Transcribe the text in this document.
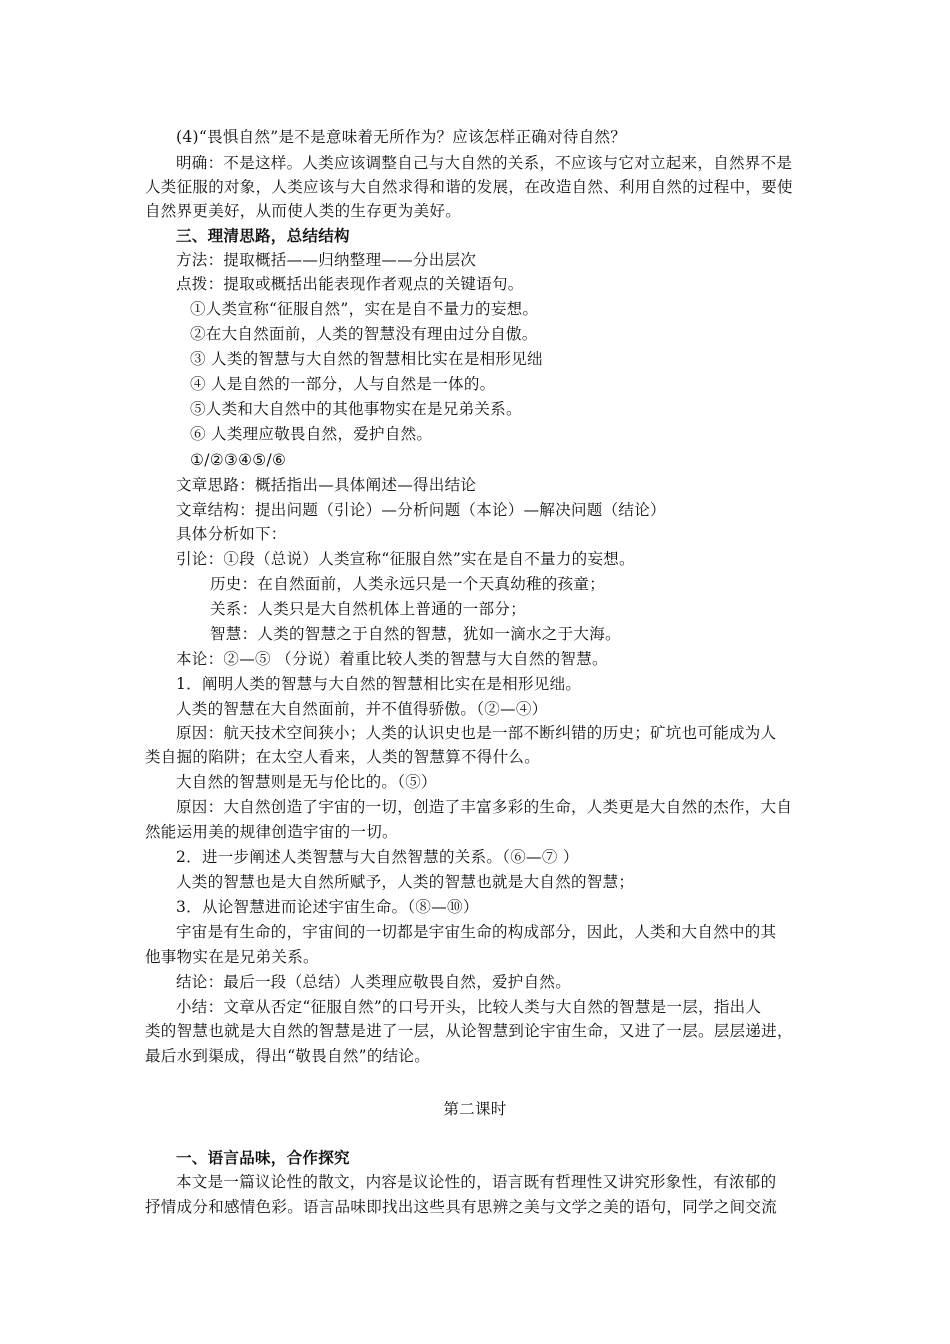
(4)“畏惧自然”是不是意味着无所作为？应该怎样正确对待自然？
明确：不是这样。人类应该调整自己与大自然的关系，不应该与它对立起来，自然界不是
人类征服的对象，人类应该与大自然求得和谐的发展，在改造自然、利用自然的过程中，要使
自然界更美好，从而使人类的生存更为美好。
三、理清思路，总结结构
方法：提取概括——归纳整理——分出层次
点拨：提取或概括出能表现作者观点的关键语句。
①人类宣称“征服自然”，实在是自不量力的妄想。
②在大自然面前，人类的智慧没有理由过分自傲。
③ 人类的智慧与大自然的智慧相比实在是相形见绌
④ 人是自然的一部分，人与自然是一体的。
⑤人类和大自然中的其他事物实在是兄弟关系。
⑥ 人类理应敬畏自然，爱护自然。
①/②③④⑤/⑥
文章思路：概括指出—具体阐述—得出结论
文章结构：提出问题（引论）—分析问题（本论）—解决问题（结论）
具体分析如下：
引论：①段（总说）人类宣称“征服自然”实在是自不量力的妄想。
历史：在自然面前，人类永远只是一个天真幼稚的孩童；
关系：人类只是大自然机体上普通的一部分；
智慧：人类的智慧之于自然的智慧，犹如一滴水之于大海。
本论：②—⑤ （分说）着重比较人类的智慧与大自然的智慧。
1．阐明人类的智慧与大自然的智慧相比实在是相形见绌。
人类的智慧在大自然面前，并不值得骄傲。（②—④）
原因：航天技术空间狭小；人类的认识史也是一部不断纠错的历史；矿坑也可能成为人
类自掘的陷阱；在太空人看来，人类的智慧算不得什么。
大自然的智慧则是无与伦比的。（⑤）
原因：大自然创造了宇宙的一切，创造了丰富多彩的生命，人类更是大自然的杰作，大自
然能运用美的规律创造宇宙的一切。
2．进一步阐述人类智慧与大自然智慧的关系。（⑥—⑦ ）
人类的智慧也是大自然所赋予，人类的智慧也就是大自然的智慧；
3．从论智慧进而论述宇宙生命。（⑧—⑩）
宇宙是有生命的，宇宙间的一切都是宇宙生命的构成部分，因此，人类和大自然中的其
他事物实在是兄弟关系。
结论：最后一段（总结）人类理应敬畏自然，爱护自然。
小结：文章从否定“征服自然”的口号开头，比较人类与大自然的智慧是一层，指出人
类的智慧也就是大自然的智慧是进了一层，从论智慧到论宇宙生命，又进了一层。层层递进，
最后水到渠成，得出“敬畏自然”的结论。
第二课时
一、语言品味，合作探究
本文是一篇议论性的散文，内容是议论性的，语言既有哲理性又讲究形象性，有浓郁的
抒情成分和感情色彩。语言品味即找出这些具有思辨之美与文学之美的语句，同学之间交流
